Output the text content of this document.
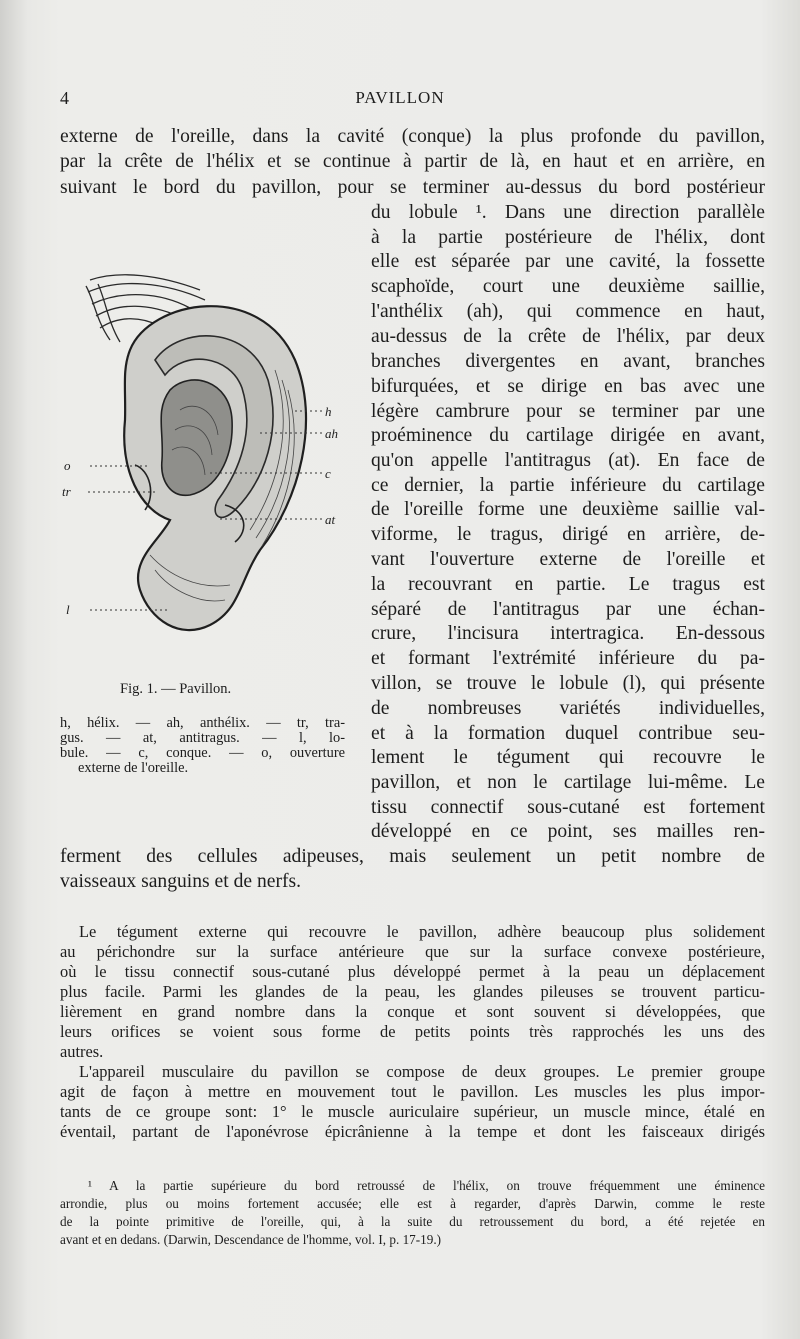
4	PAVILLON
externe de l'oreille, dans la cavité (conque) la plus profonde du pavillon,
par la crête de l'hélix et se continue à partir de là, en haut et en arrière, en
suivant le bord du pavillon, pour se terminer au-dessus du bord postérieur
du lobule ¹. Dans une direction parallèle
à la partie postérieure de l'hélix, dont
elle est séparée par une cavité, la fossette
scaphoïde, court une deuxième saillie,
l'anthélix (ah), qui commence en haut,
au-dessus de la crête de l'hélix, par deux
branches divergentes en avant, branches
bifurquées, et se dirige en bas avec une
légère cambrure pour se terminer par une
proéminence du cartilage dirigée en avant,
qu'on appelle l'antitragus (at). En face de
ce dernier, la partie inférieure du cartilage
de l'oreille forme une deuxième saillie val-
viforme, le tragus, dirigé en arrière, de-
vant l'ouverture externe de l'oreille et
la recouvrant en partie. Le tragus est
séparé de l'antitragus par une échan-
crure, l'incisura intertragica. En-dessous
et formant l'extrémité inférieure du pa-
villon, se trouve le lobule (l), qui présente
de nombreuses variétés individuelles,
et à la formation duquel contribue seu-
lement le tégument qui recouvre le
pavillon, et non le cartilage lui-même. Le
tissu connectif sous-cutané est fortement
développé en ce point, ses mailles ren-
ferment des cellules adipeuses, mais seulement un petit nombre de
vaisseaux sanguins et de nerfs.
h
ah
o
c
tr
at
l
Fig. 1. — Pavillon.
h, hélix. — ah, anthélix. — tr, tra-
gus. — at, antitragus. — l, lo-
bule. — c, conque. — o, ouverture
externe de l'oreille.
Le tégument externe qui recouvre le pavillon, adhère beaucoup plus solidement
au périchondre sur la surface antérieure que sur la surface convexe postérieure,
où le tissu connectif sous-cutané plus développé permet à la peau un déplacement
plus facile. Parmi les glandes de la peau, les glandes pileuses se trouvent particu-
lièrement en grand nombre dans la conque et sont souvent si développées, que
leurs orifices se voient sous forme de petits points très rapprochés les uns des
autres.
L'appareil musculaire du pavillon se compose de deux groupes. Le premier groupe
agit de façon à mettre en mouvement tout le pavillon. Les muscles les plus impor-
tants de ce groupe sont: 1° le muscle auriculaire supérieur, un muscle mince, étalé en
éventail, partant de l'aponévrose épicrânienne à la tempe et dont les faisceaux dirigés
¹ A la partie supérieure du bord retroussé de l'hélix, on trouve fréquemment une éminence
arrondie, plus ou moins fortement accusée; elle est à regarder, d'après Darwin, comme le reste
de la pointe primitive de l'oreille, qui, à la suite du retroussement du bord, a été rejetée en
avant et en dedans. (Darwin, Descendance de l'homme, vol. I, p. 17-19.)
